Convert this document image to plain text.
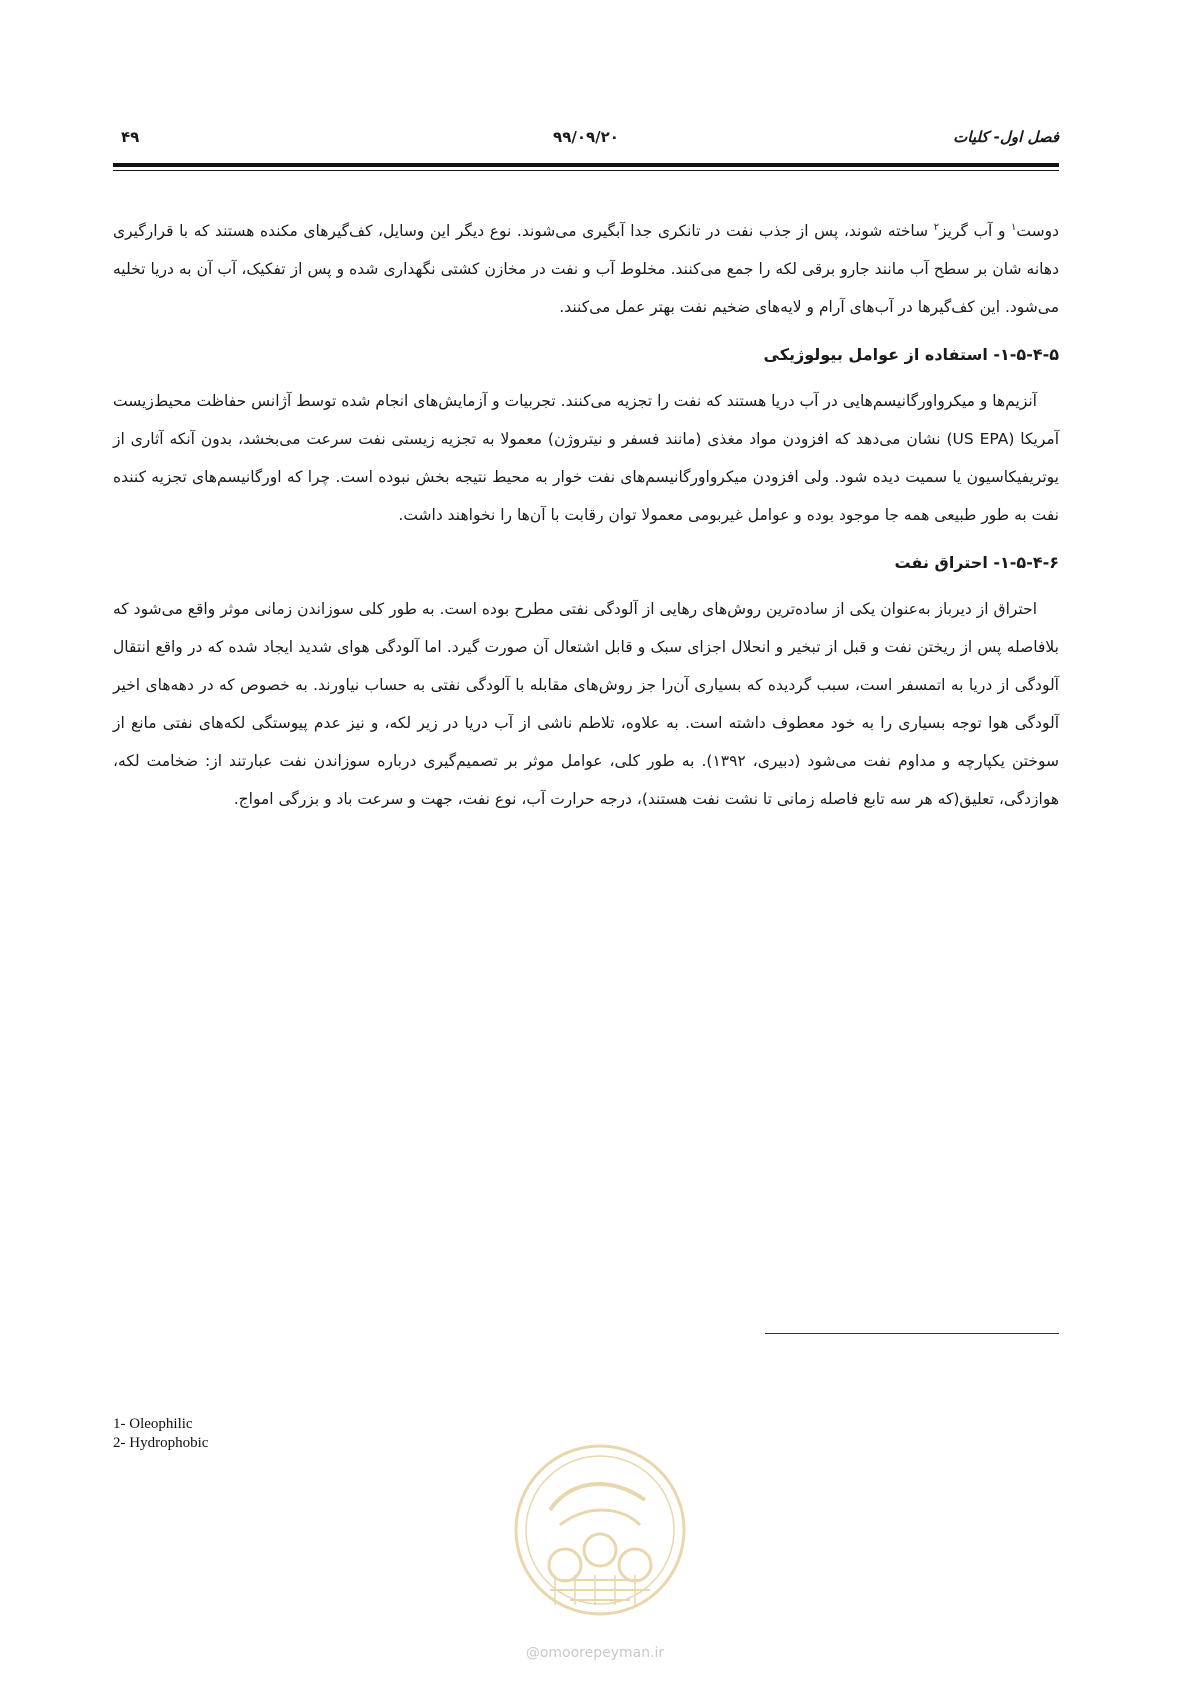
فصل اول- کلیات
۹۹/۰۹/۲۰
۴۹

دوست$^۱$ و آب گریز$^۲$ ساخته شوند، پس از جذب نفت در تانکری جدا آبگیری می‌شوند. نوع دیگر این وسایل، کف‌گیرهای مکنده هستند که با قرارگیری دهانه شان بر سطح آب مانند جارو برقی لکه را جمع می‌کنند. مخلوط آب و نفت در مخازن کشتی نگهداری شده و پس از تفکیک، آب آن به دریا تخلیه می‌شود. این کف‌گیرها در آب‌های آرام و لایه‌های ضخیم نفت بهتر عمل می‌کنند.

۱-۵-۴-۵- استفاده از عوامل بیولوژیکی

آنزیم‌ها و میکرواورگانیسم‌هایی در آب دریا هستند که نفت را تجزیه می‌کنند. تجربیات و آزمایش‌های انجام شده توسط آژانس حفاظت محیط‌زیست آمریکا (US EPA) نشان می‌دهد که افزودن مواد مغذی (مانند فسفر و نیتروژن) معمولا به تجزیه زیستی نفت سرعت می‌بخشد، بدون آنکه آثاری از یوتریفیکاسیون یا سمیت دیده شود. ولی افزودن میکرواورگانیسم‌های نفت خوار به محیط نتیجه بخش نبوده است. چرا که اورگانیسم‌های تجزیه کننده نفت به طور طبیعی همه جا موجود بوده و عوامل غیربومی معمولا توان رقابت با آن‌ها را نخواهند داشت.

۱-۵-۴-۶- احتراق نفت

احتراق از دیرباز به‌عنوان یکی از ساده‌ترین روش‌های رهایی از آلودگی نفتی مطرح بوده است. به طور کلی سوزاندن زمانی موثر واقع می‌شود که بلافاصله پس از ریختن نفت و قبل از تبخیر و انحلال اجزای سبک و قابل اشتعال آن صورت گیرد. اما آلودگی هوای شدید ایجاد شده که در واقع انتقال آلودگی از دریا به اتمسفر است، سبب گردیده که بسیاری آن‌را جز روش‌های مقابله با آلودگی نفتی به حساب نیاورند. به خصوص که در دهه‌های اخیر آلودگی هوا توجه بسیاری را به خود معطوف داشته است. به علاوه، تلاطم ناشی از آب دریا در زیر لکه، و نیز عدم پیوستگی لکه‌های نفتی مانع از سوختن یکپارچه و مداوم نفت می‌شود (دبیری، ۱۳۹۲). به طور کلی، عوامل موثر بر تصمیم‌گیری درباره سوزاندن نفت عبارتند از: ضخامت لکه، هوازدگی، تعلیق(که هر سه تابع فاصله زمانی تا نشت نفت هستند)، درجه حرارت آب، نوع نفت، جهت و سرعت باد و بزرگی امواج.

1- Oleophilic
2- Hydrophobic
@omoorepeyman.ir
